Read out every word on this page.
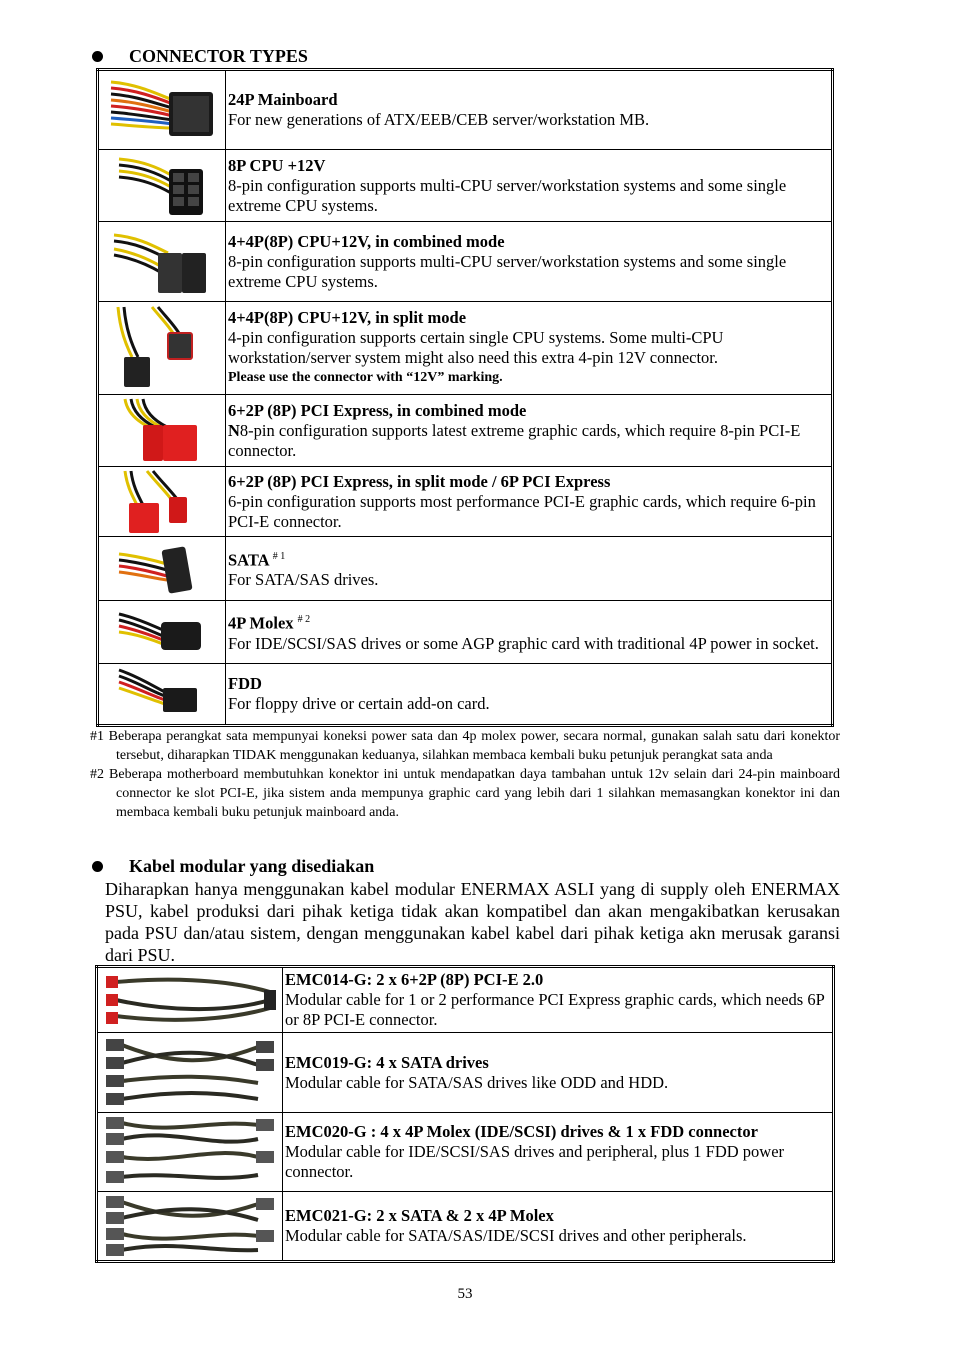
CONNECTOR TYPES

24P Mainboard
For new generations of ATX/EEB/CEB server/workstation MB.

8P CPU +12V
8-pin configuration supports multi-CPU server/workstation systems and some single extreme CPU systems.

4+4P(8P) CPU+12V, in combined mode
8-pin configuration supports multi-CPU server/workstation systems and some single extreme CPU systems.

4+4P(8P) CPU+12V, in split mode
4-pin configuration supports certain single CPU systems. Some multi-CPU workstation/server system might also need this extra 4-pin 12V connector.
Please use the connector with “12V” marking.

6+2P (8P) PCI Express, in combined mode
N8-pin configuration supports latest extreme graphic cards, which require 8-pin PCI-E connector.

6+2P (8P) PCI Express, in split mode / 6P PCI Express
6-pin configuration supports most performance PCI-E graphic cards, which require 6-pin PCI-E connector.

SATA $^{\# 1}$
For SATA/SAS drives.

4P Molex $^{\# 2}$
For IDE/SCSI/SAS drives or some AGP graphic card with traditional 4P power in socket.

FDD
For floppy drive or certain add-on card.

#1 Beberapa perangkat sata mempunyai koneksi power sata dan 4p molex power, secara normal, gunakan salah satu dari konektor tersebut, diharapkan TIDAK menggunakan keduanya, silahkan membaca kembali buku petunjuk perangkat sata anda

#2 Beberapa motherboard membutuhkan konektor ini untuk mendapatkan daya tambahan untuk 12v selain dari 24-pin mainboard connector ke slot PCI-E, jika sistem anda mempunya graphic card yang lebih dari 1 silahkan memasangkan konektor ini dan membaca kembali buku petunjuk mainboard anda.

Kabel modular yang disediakan
Diharapkan hanya menggunakan kabel modular ENERMAX ASLI yang di supply oleh ENERMAX PSU, kabel produksi dari pihak ketiga tidak akan kompatibel dan akan mengakibatkan kerusakan pada PSU dan/atau sistem, dengan menggunakan kabel kabel dari pihak ketiga akn merusak garansi dari PSU.

EMC014-G: 2 x 6+2P (8P) PCI-E 2.0
Modular cable for 1 or 2 performance PCI Express graphic cards, which needs 6P or 8P PCI-E connector.

EMC019-G: 4 x SATA drives
Modular cable for SATA/SAS drives like ODD and HDD.

EMC020-G : 4 x 4P Molex (IDE/SCSI) drives & 1 x FDD connector
Modular cable for IDE/SCSI/SAS drives and peripheral, plus 1 FDD power connector.

EMC021-G: 2 x SATA & 2 x 4P Molex
Modular cable for SATA/SAS/IDE/SCSI drives and other peripherals.
53
